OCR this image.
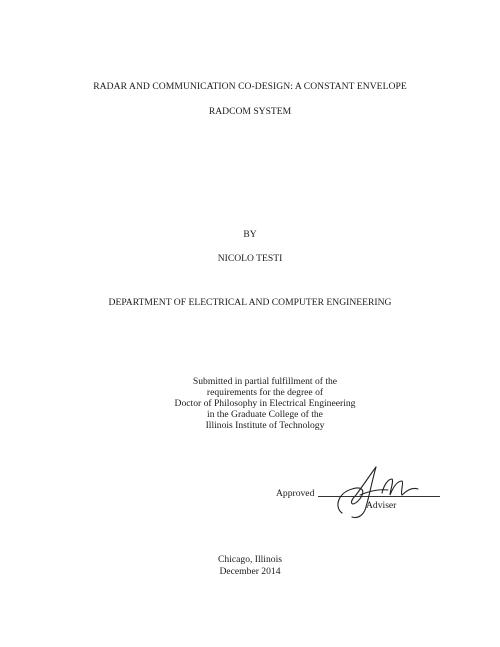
RADAR AND COMMUNICATION CO-DESIGN: A CONSTANT ENVELOPE
RADCOM SYSTEM
BY
NICOLO TESTI
DEPARTMENT OF ELECTRICAL AND COMPUTER ENGINEERING
Submitted in partial fulfillment of the
requirements for the degree of
Doctor of Philosophy in Electrical Engineering
in the Graduate College of the
Illinois Institute of Technology
Approved
Adviser
Chicago, Illinois
December 2014
